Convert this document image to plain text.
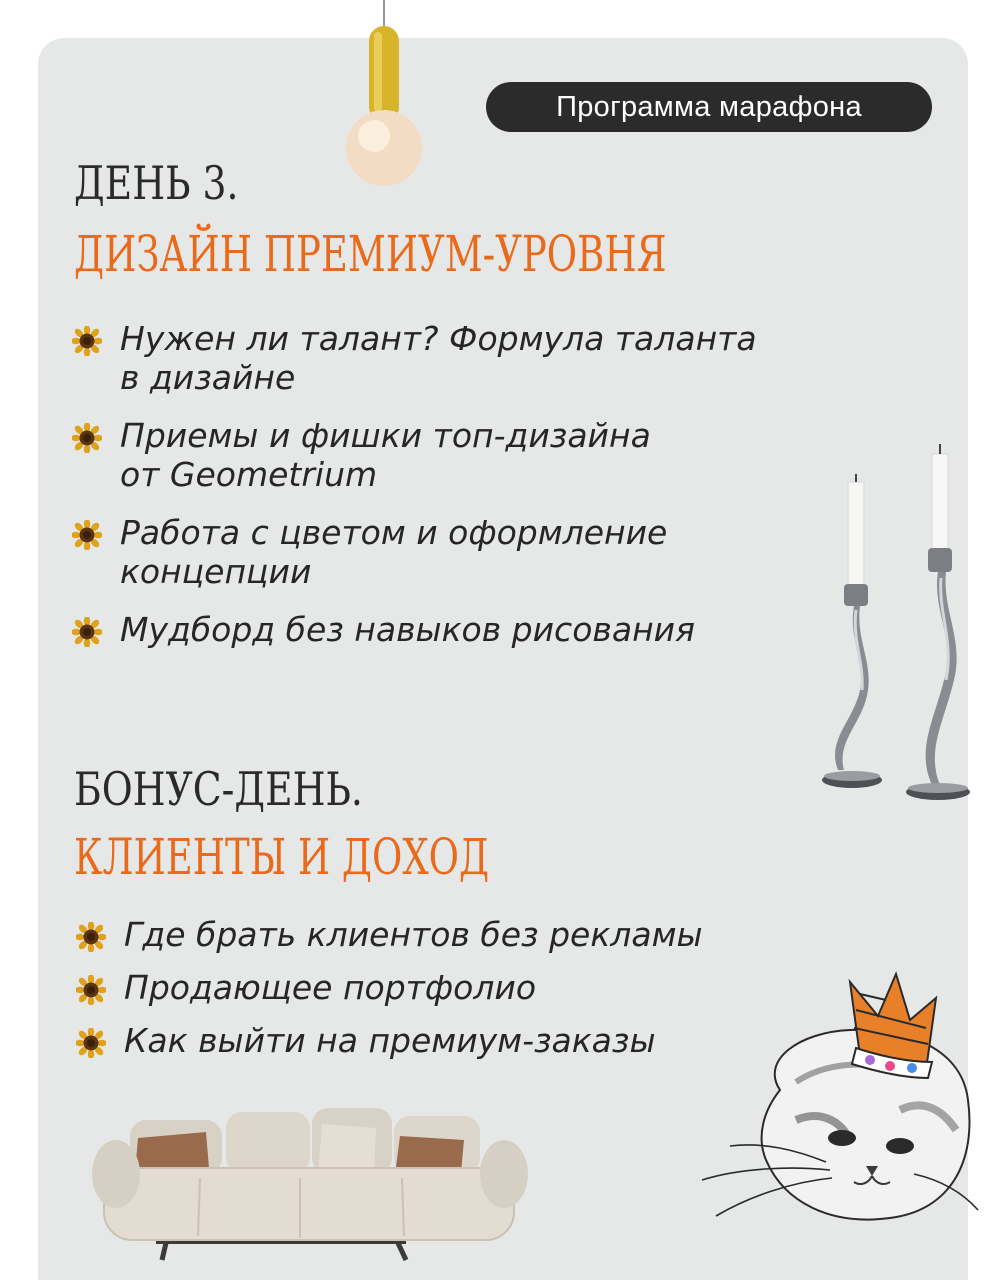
Программа марафона
ДЕНЬ 3.
ДИЗАЙН ПРЕМИУМ-УРОВНЯ
Нужен ли талант? Формула таланта
в дизайне
Приемы и фишки топ-дизайна
от Geometrium
Работа с цветом и оформление
концепции
Мудборд без навыков рисования
БОНУС-ДЕНЬ.
КЛИЕНТЫ И ДОХОД
Где брать клиентов без рекламы
Продающее портфолио
Как выйти на премиум-заказы
